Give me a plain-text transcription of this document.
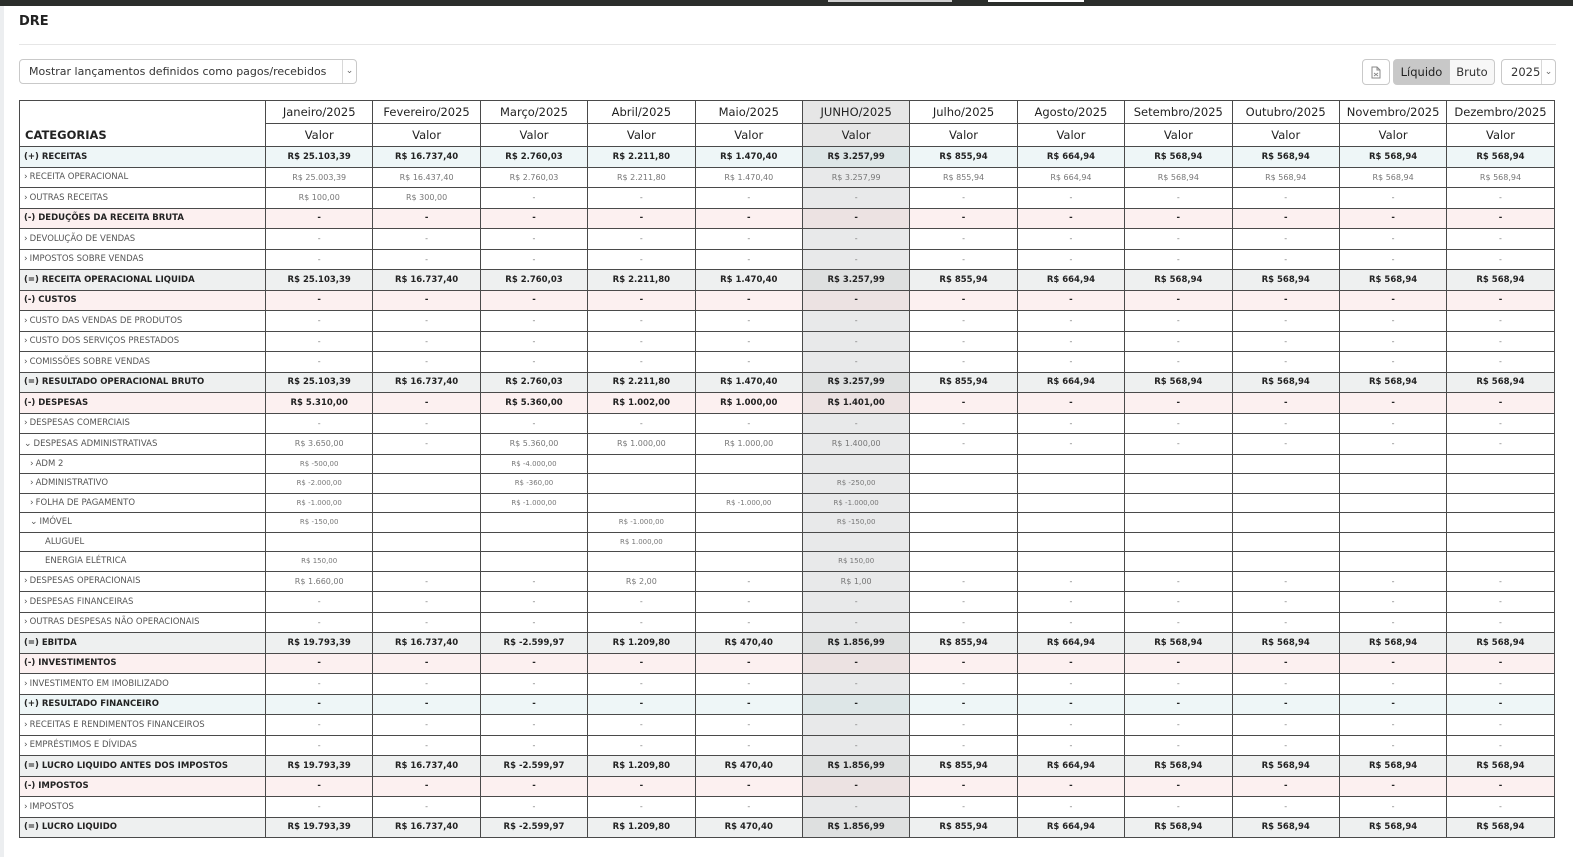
DRE
Mostrar lançamentos definidos como pagos/recebidos	⌄	Líquido	Bruto	2025 ⌄
CATEGORIAS	Janeiro/2025	Fevereiro/2025	Março/2025	Abril/2025	Maio/2025	JUNHO/2025	Julho/2025	Agosto/2025	Setembro/2025	Outubro/2025	Novembro/2025	Dezembro/2025
	Valor	Valor	Valor	Valor	Valor	Valor	Valor	Valor	Valor	Valor	Valor	Valor
(+) RECEITAS	R$ 25.103,39	R$ 16.737,40	R$ 2.760,03	R$ 2.211,80	R$ 1.470,40	R$ 3.257,99	R$ 855,94	R$ 664,94	R$ 568,94	R$ 568,94	R$ 568,94	R$ 568,94
› RECEITA OPERACIONAL	R$ 25.003,39	R$ 16.437,40	R$ 2.760,03	R$ 2.211,80	R$ 1.470,40	R$ 3.257,99	R$ 855,94	R$ 664,94	R$ 568,94	R$ 568,94	R$ 568,94	R$ 568,94
› OUTRAS RECEITAS	R$ 100,00	R$ 300,00	-	-	-	-	-	-	-	-	-	-
(-) DEDUÇÕES DA RECEITA BRUTA	-	-	-	-	-	-	-	-	-	-	-	-
› DEVOLUÇÃO DE VENDAS	-	-	-	-	-	-	-	-	-	-	-	-
› IMPOSTOS SOBRE VENDAS	-	-	-	-	-	-	-	-	-	-	-	-
(=) RECEITA OPERACIONAL LIQUIDA	R$ 25.103,39	R$ 16.737,40	R$ 2.760,03	R$ 2.211,80	R$ 1.470,40	R$ 3.257,99	R$ 855,94	R$ 664,94	R$ 568,94	R$ 568,94	R$ 568,94	R$ 568,94
(-) CUSTOS	-	-	-	-	-	-	-	-	-	-	-	-
› CUSTO DAS VENDAS DE PRODUTOS	-	-	-	-	-	-	-	-	-	-	-	-
› CUSTO DOS SERVIÇOS PRESTADOS	-	-	-	-	-	-	-	-	-	-	-	-
› COMISSÕES SOBRE VENDAS	-	-	-	-	-	-	-	-	-	-	-	-
(=) RESULTADO OPERACIONAL BRUTO	R$ 25.103,39	R$ 16.737,40	R$ 2.760,03	R$ 2.211,80	R$ 1.470,40	R$ 3.257,99	R$ 855,94	R$ 664,94	R$ 568,94	R$ 568,94	R$ 568,94	R$ 568,94
(-) DESPESAS	R$ 5.310,00	-	R$ 5.360,00	R$ 1.002,00	R$ 1.000,00	R$ 1.401,00	-	-	-	-	-	-
› DESPESAS COMERCIAIS	-	-	-	-	-	-	-	-	-	-	-	-
⌄ DESPESAS ADMINISTRATIVAS	R$ 3.650,00	-	R$ 5.360,00	R$ 1.000,00	R$ 1.000,00	R$ 1.400,00	-	-	-	-	-	-
› ADM 2	R$ -500,00		R$ -4.000,00									
› ADMINISTRATIVO	R$ -2.000,00		R$ -360,00			R$ -250,00						
› FOLHA DE PAGAMENTO	R$ -1.000,00		R$ -1.000,00		R$ -1.000,00	R$ -1.000,00						
⌄ IMÓVEL	R$ -150,00			R$ -1.000,00		R$ -150,00						
ALUGUEL				R$ 1.000,00								
ENERGIA ELÉTRICA	R$ 150,00					R$ 150,00						
› DESPESAS OPERACIONAIS	R$ 1.660,00	-	-	R$ 2,00	-	R$ 1,00	-	-	-	-	-	-
› DESPESAS FINANCEIRAS	-	-	-	-	-	-	-	-	-	-	-	-
› OUTRAS DESPESAS NÃO OPERACIONAIS	-	-	-	-	-	-	-	-	-	-	-	-
(=) EBITDA	R$ 19.793,39	R$ 16.737,40	R$ -2.599,97	R$ 1.209,80	R$ 470,40	R$ 1.856,99	R$ 855,94	R$ 664,94	R$ 568,94	R$ 568,94	R$ 568,94	R$ 568,94
(-) INVESTIMENTOS	-	-	-	-	-	-	-	-	-	-	-	-
› INVESTIMENTO EM IMOBILIZADO	-	-	-	-	-	-	-	-	-	-	-	-
(+) RESULTADO FINANCEIRO	-	-	-	-	-	-	-	-	-	-	-	-
› RECEITAS E RENDIMENTOS FINANCEIROS	-	-	-	-	-	-	-	-	-	-	-	-
› EMPRÉSTIMOS E DÍVIDAS	-	-	-	-	-	-	-	-	-	-	-	-
(=) LUCRO LIQUIDO ANTES DOS IMPOSTOS	R$ 19.793,39	R$ 16.737,40	R$ -2.599,97	R$ 1.209,80	R$ 470,40	R$ 1.856,99	R$ 855,94	R$ 664,94	R$ 568,94	R$ 568,94	R$ 568,94	R$ 568,94
(-) IMPOSTOS	-	-	-	-	-	-	-	-	-	-	-	-
› IMPOSTOS	-	-	-	-	-	-	-	-	-	-	-	-
(=) LUCRO LIQUIDO	R$ 19.793,39	R$ 16.737,40	R$ -2.599,97	R$ 1.209,80	R$ 470,40	R$ 1.856,99	R$ 855,94	R$ 664,94	R$ 568,94	R$ 568,94	R$ 568,94	R$ 568,94
